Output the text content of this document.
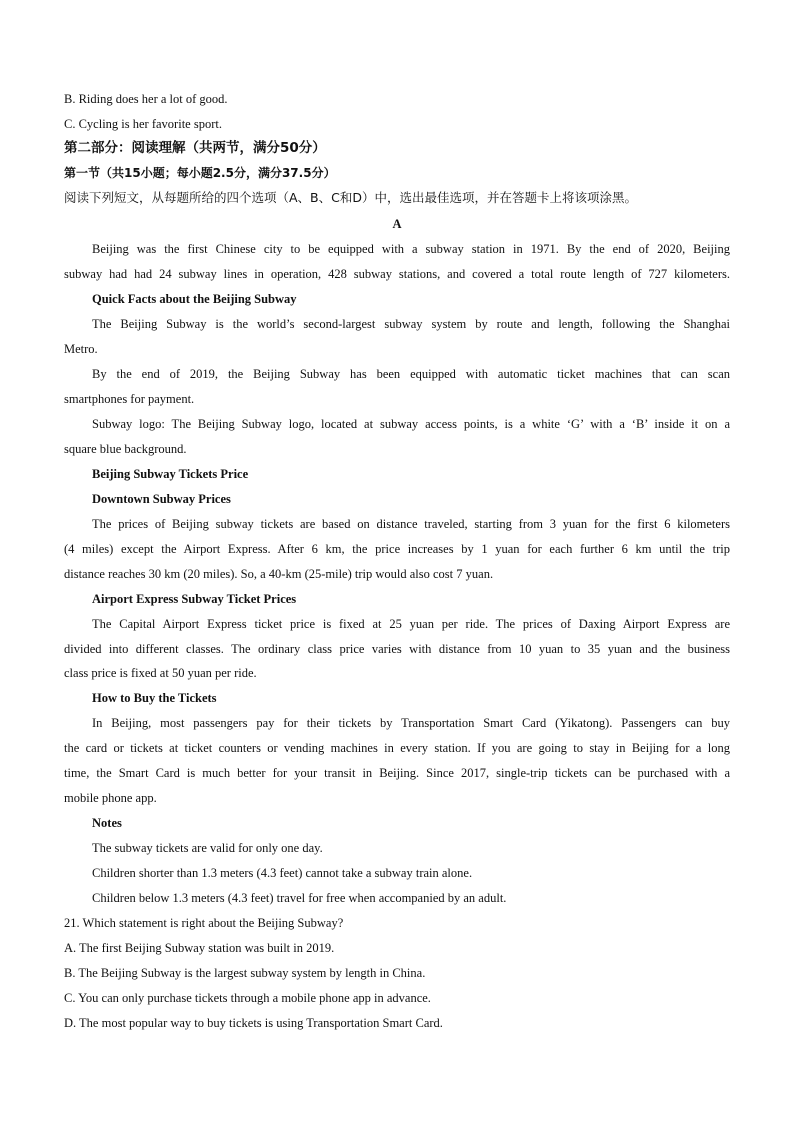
B. Riding does her a lot of good.
C. Cycling is her favorite sport.
第二部分：阅读理解（共两节，满分50分）
第一节（共15小题；每小题2.5分，满分37.5分）
阅读下列短文，从每题所给的四个选项（A、B、C和D）中，选出最佳选项，并在答题卡上将该项涂黑。
A
Beijing was the first Chinese city to be equipped with a subway station in 1971. By the end of 2020, Beijing
subway had had 24 subway lines in operation, 428 subway stations, and covered a total route length of 727 kilometers.
Quick Facts about the Beijing Subway
The Beijing Subway is the world’s second-largest subway system by route and length, following the Shanghai
Metro.
By the end of 2019, the Beijing Subway has been equipped with automatic ticket machines that can scan
smartphones for payment.
Subway logo: The Beijing Subway logo, located at subway access points, is a white ‘G’ with a ‘B’ inside it on a
square blue background.
Beijing Subway Tickets Price
Downtown Subway Prices
The prices of Beijing subway tickets are based on distance traveled, starting from 3 yuan for the first 6 kilometers
(4 miles) except the Airport Express. After 6 km, the price increases by 1 yuan for each further 6 km until the trip
distance reaches 30 km (20 miles). So, a 40-km (25-mile) trip would also cost 7 yuan.
Airport Express Subway Ticket Prices
The Capital Airport Express ticket price is fixed at 25 yuan per ride. The prices of Daxing Airport Express are
divided into different classes. The ordinary class price varies with distance from 10 yuan to 35 yuan and the business
class price is fixed at 50 yuan per ride.
How to Buy the Tickets
In Beijing, most passengers pay for their tickets by Transportation Smart Card (Yikatong). Passengers can buy
the card or tickets at ticket counters or vending machines in every station. If you are going to stay in Beijing for a long
time, the Smart Card is much better for your transit in Beijing. Since 2017, single-trip tickets can be purchased with a
mobile phone app.
Notes
The subway tickets are valid for only one day.
Children shorter than 1.3 meters (4.3 feet) cannot take a subway train alone.
Children below 1.3 meters (4.3 feet) travel for free when accompanied by an adult.
21. Which statement is right about the Beijing Subway?
A. The first Beijing Subway station was built in 2019.
B. The Beijing Subway is the largest subway system by length in China.
C. You can only purchase tickets through a mobile phone app in advance.
D. The most popular way to buy tickets is using Transportation Smart Card.
